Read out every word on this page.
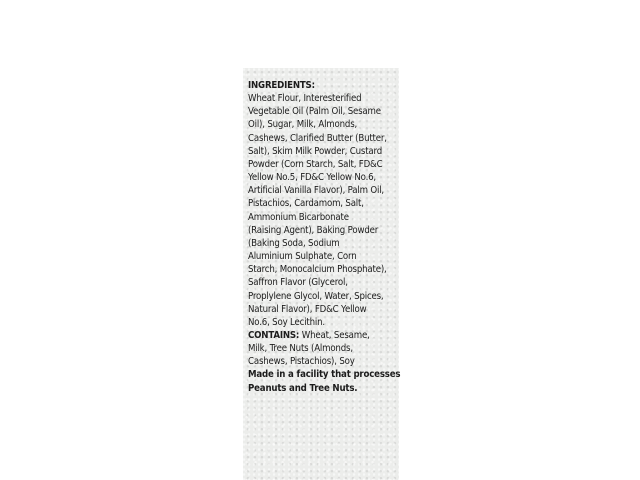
INGREDIENTS:
Wheat Flour, Interesterified
Vegetable Oil (Palm Oil, Sesame
Oil), Sugar, Milk, Almonds,
Cashews, Clarified Butter (Butter,
Salt), Skim Milk Powder, Custard
Powder (Corn Starch, Salt, FD&C
Yellow No.5, FD&C Yellow No.6,
Artificial Vanilla Flavor), Palm Oil,
Pistachios, Cardamom, Salt,
Ammonium Bicarbonate
(Raising Agent), Baking Powder
(Baking Soda, Sodium
Aluminium Sulphate, Corn
Starch, Monocalcium Phosphate),
Saffron Flavor (Glycerol,
Proplylene Glycol, Water, Spices,
Natural Flavor), FD&C Yellow
No.6, Soy Lecithin.
CONTAINS: Wheat, Sesame,
Milk, Tree Nuts (Almonds,
Cashews, Pistachios), Soy
Made in a facility that processes
Peanuts and Tree Nuts.
